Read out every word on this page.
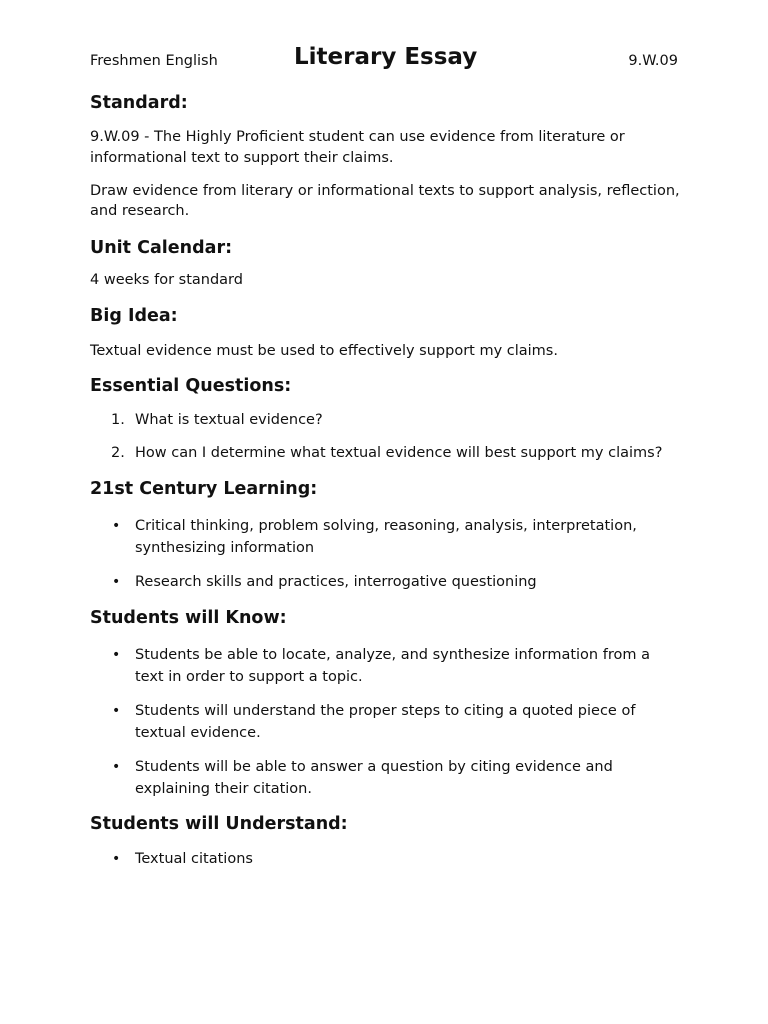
Freshmen English	Literary Essay	9.W.09
Standard:

9.W.09 - The Highly Proficient student can use evidence from literature or informational text to support their claims.

Draw evidence from literary or informational texts to support analysis, reflection, and research.

Unit Calendar:

4 weeks for standard

Big Idea:

Textual evidence must be used to effectively support my claims.

Essential Questions:
1. What is textual evidence?
2. How can I determine what textual evidence will best support my claims?
21st Century Learning:
• Critical thinking, problem solving, reasoning, analysis, interpretation, synthesizing information
• Research skills and practices, interrogative questioning
Students will Know:
• Students be able to locate, analyze, and synthesize information from a text in order to support a topic.
• Students will understand the proper steps to citing a quoted piece of textual evidence.
• Students will be able to answer a question by citing evidence and explaining their citation.
Students will Understand:
• Textual citations
